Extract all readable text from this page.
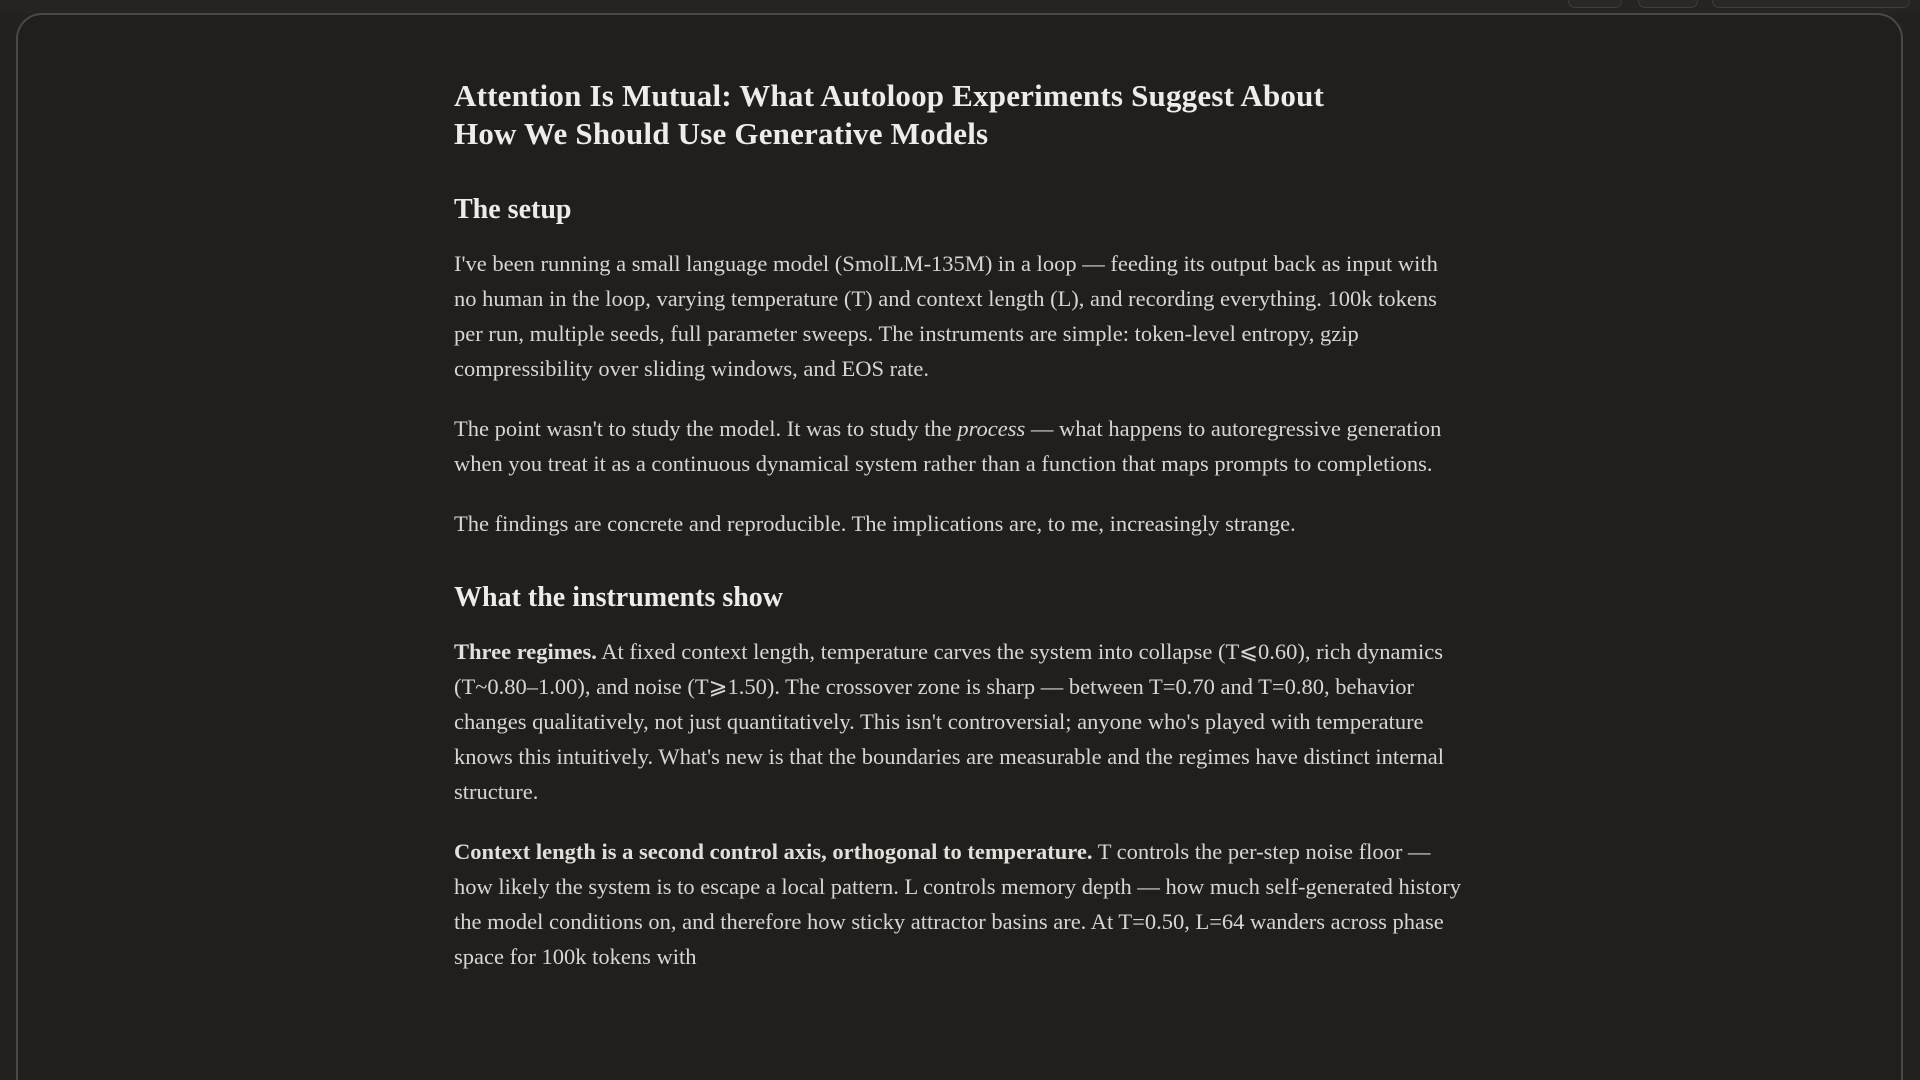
Attention Is Mutual: What Autoloop Experiments Suggest About
How We Should Use Generative Models
The setup

I've been running a small language model (SmolLM-135M) in a loop — feeding its output back as input with no human in the loop, varying temperature (T) and context length (L), and recording everything. 100k tokens per run, multiple seeds, full parameter sweeps. The instruments are simple: token-level entropy, gzip compressibility over sliding windows, and EOS rate.

The point wasn't to study the model. It was to study the process — what happens to autoregressive generation when you treat it as a continuous dynamical system rather than a function that maps prompts to completions.

The findings are concrete and reproducible. The implications are, to me, increasingly strange.

What the instruments show

Three regimes. At fixed context length, temperature carves the system into collapse (T⩽0.60), rich dynamics (T~0.80–1.00), and noise (T⩾1.50). The crossover zone is sharp — between T=0.70 and T=0.80, behavior changes qualitatively, not just quantitatively. This isn't controversial; anyone who's played with temperature knows this intuitively. What's new is that the boundaries are measurable and the regimes have distinct internal structure.

Context length is a second control axis, orthogonal to temperature. T controls the per-step noise floor — how likely the system is to escape a local pattern. L controls memory depth — how much self-generated history the model conditions on, and therefore how sticky attractor basins are. At T=0.50, L=64 wanders across phase space for 100k tokens with
